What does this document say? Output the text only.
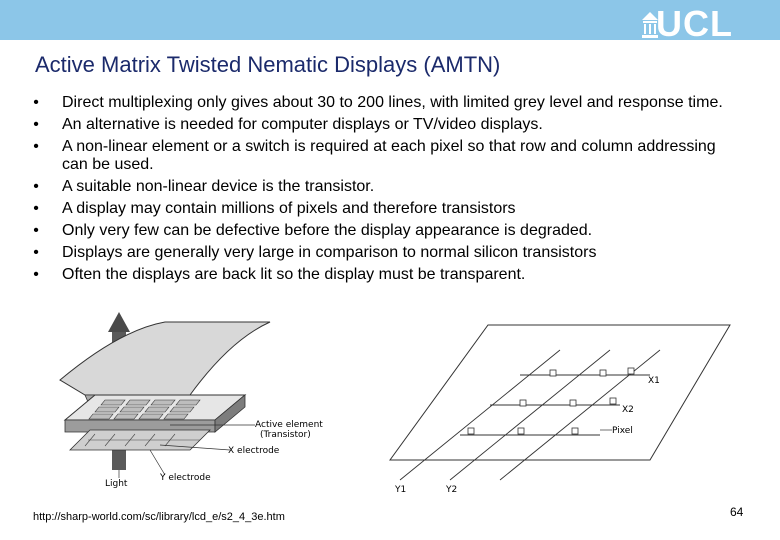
UCL
Active Matrix Twisted Nematic Displays (AMTN)
• Direct multiplexing only gives about 30 to 200 lines, with limited grey level and response time.
• An alternative is needed for computer displays or TV/video displays.
• A non-linear element or a switch is required at each pixel so that row and column addressing can be used.
• A suitable non-linear device is the transistor.
• A display may contain millions of pixels and therefore transistors
• Only very few can be defective before the display appearance is degraded.
• Displays are generally very large in comparison to normal silicon transistors
• Often the displays are back lit so the display must be transparent.
Active element
(Transistor)
X electrode
Light
Y electrode
X1
X2
Pixel
Y1	Y2
http://sharp-world.com/sc/library/lcd_e/s2_4_3e.htm	64
